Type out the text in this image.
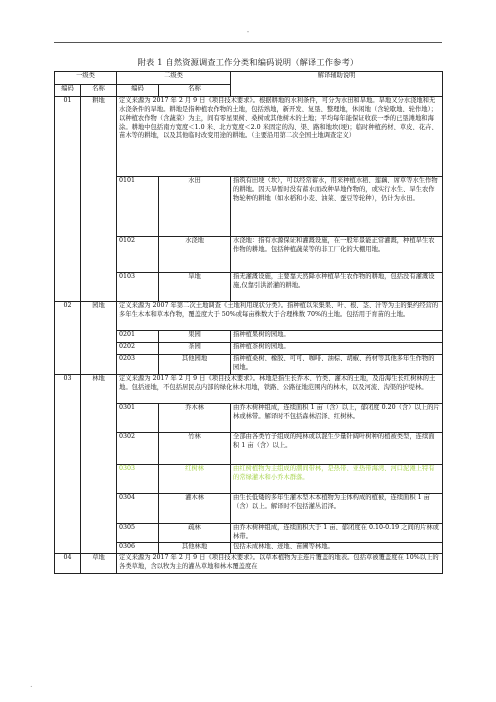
-
附表 1 自然资源调查工作分类和编码说明（解译工作参考）
一级类		二级类		解译辅助说明
编码	名称	编码	名称	
01	耕地	定义来源为 2017 年 2 月 9 日《项目技术要求》。根据耕地的水利条件，可分为水田和旱地。旱地又分水浇地和无水浇条件的旱地。耕地是指种植农作物的土地，包括熟地，新开发、复垦、整理地，休闲地（含轮歇地、轮作地）；以种植农作物（含蔬菜）为主，间有零星果树、桑树或其他树木的土地；平均每年能保证收获一季的已垦滩地和海涂。耕地中包括南方宽度＜1.0 米、北方宽度＜2.0 米固定的沟、渠、路和地坎(埂)；临时种植药材、草皮、花卉、苗木等的耕地，以及其他临时改变用途的耕地。（主要沿用第二次全国土地调查定义）		
		0101	水田	指筑有田埂（坎），可以经常蓄水，用来种植水稻、莲藕、席草等水生作物的耕地。因天旱暂时没有蓄水而改种旱地作物的，或实行水生、旱生农作物轮种的耕地（如水稻和小麦、油菜、蚕豆等轮种），仍计为水田。
		0102	水浇地	水浇地：指有水源保证和灌溉设施，在一般年景能正常灌溉，种植旱生农作物的耕地。包括种植蔬菜等的非工厂化的大棚用地。
		0103	旱地	指无灌溉设施，主要靠天然降水种植旱生农作物的耕地，包括没有灌溉设施,仅靠引洪淤灌的耕地。
02	园地	定义来源为 2007 年第二次土地调查《土地利用现状分类》。指种植以采集果、叶、根、茎、汁等为主的集约经营的多年生木本和草本作物，覆盖度大于 50%或每亩株数大于合理株数 70%的土地。包括用于育苗的土地。		
		0201	果园	指种植果树的园地。
		0202	茶园	指种植茶树的园地。
		0203	其他园地	指种植桑树、橡胶、可可、咖啡、油棕、胡椒、药材等其他多年生作物的园地。
03	林地	定义来源为 2017 年 2 月 9 日《项目技术要求》。林地是指生长乔木、竹类、灌木的土地，及沿海生长红树林的土地。包括迹地，不包括居民点内部的绿化林木用地，铁路、公路征地范围内的林木，以及河流、沟渠的护堤林。		
		0301	乔木林	由乔木树种组成，连续面积 1 亩（含）以上，郁闭度 0.20（含）以上的片林或林带。解译时不包括森林沼泽、红树林。
		0302	竹林	全部由各类竹子组成的纯林或以混生少量针阔叶树种的植被类型，连续面积 1 亩（含）以上。
		0303	红树林	由红树植物为主组成的潮间带林，是热带、亚热带海湾、河口泥滩上特有的常绿灌木和小乔木群落。
		0304	灌木林	由生长低矮的多年生灌木型木本植物为主体构成的植被，连续面积 1 亩（含）以上。解译时不包括灌丛沼泽。
		0305	疏林	由乔木树种组成，连续面积大于 1 亩、郁闭度在 0.10-0.19 之间的片林或林带。
		0306	其他林地	包括未成林地、迹地、苗圃等林地。
04	草地	定义来源为 2017 年 2 月 9 日《项目技术要求》。以草本植物为主连片覆盖的地表。包括草被覆盖度在 10%以上的各类草地，含以牧为主的灌丛草地和林木覆盖度在		
.
